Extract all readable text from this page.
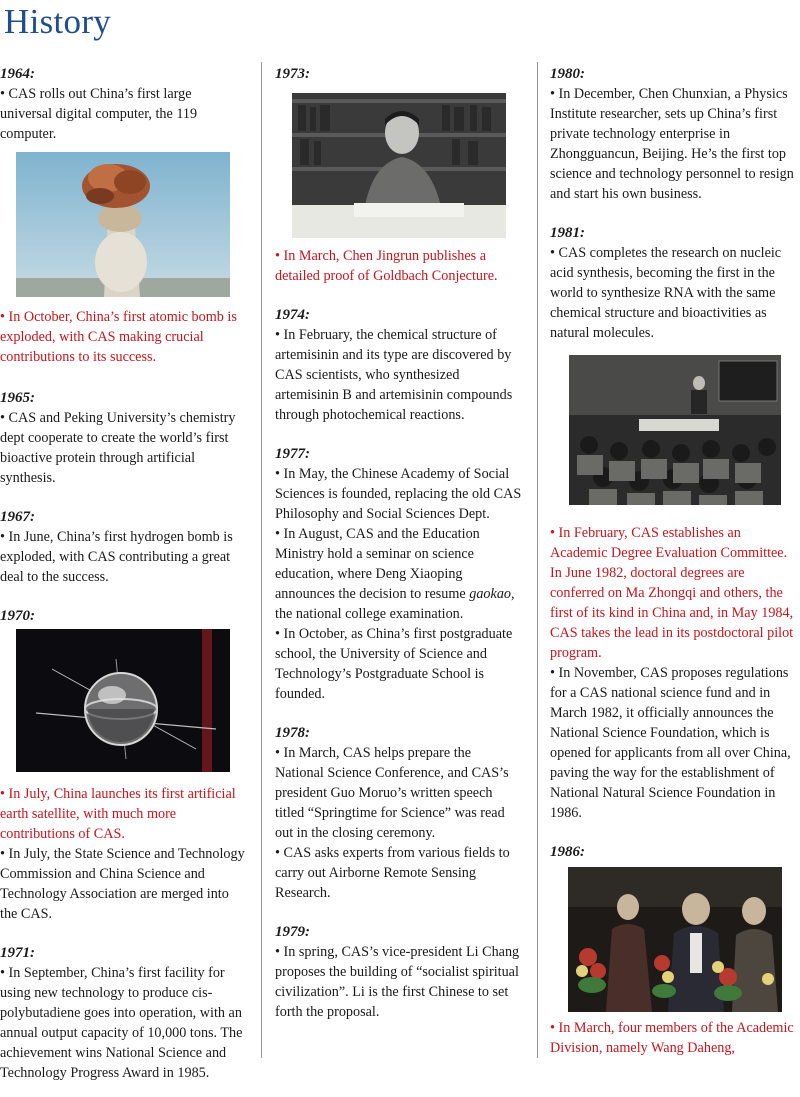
History
1964:

• CAS rolls out China’s first large universal digital computer, the 119 computer.

• In October, China’s first atomic bomb is exploded, with CAS making crucial contributions to its success.

1965:

• CAS and Peking University’s chemistry dept cooperate to create the world’s first bioactive protein through artificial synthesis.

1967:

• In June, China’s first hydrogen bomb is exploded, with CAS contributing a great deal to the success.

1970:

• In July, China launches its first artificial earth satellite, with much more contributions of CAS.

• In July, the State Science and Technology Commission and China Science and Technology Association are merged into the CAS.

1971:

• In September, China’s first facility for using new technology to produce cis-polybutadiene goes into operation, with an annual output capacity of 10,000 tons. The achievement wins National Science and Technology Progress Award in 1985.

1973:

• In March, Chen Jingrun publishes a detailed proof of Goldbach Conjecture.

1974:

• In February, the chemical structure of artemisinin and its type are discovered by CAS scientists, who synthesized artemisinin B and artemisinin compounds through photochemical reactions.

1977:

• In May, the Chinese Academy of Social Sciences is founded, replacing the old CAS Philosophy and Social Sciences Dept.

• In August, CAS and the Education Ministry hold a seminar on science education, where Deng Xiaoping announces the decision to resume gaokao, the national college examination.

• In October, as China’s first postgraduate school, the University of Science and Technology’s Postgraduate School is founded.

1978:

• In March, CAS helps prepare the National Science Conference, and CAS’s president Guo Moruo’s written speech titled “Springtime for Science” was read out in the closing ceremony.

• CAS asks experts from various fields to carry out Airborne Remote Sensing Research.

1979:

• In spring, CAS’s vice-president Li Chang proposes the building of “socialist spiritual civilization”. Li is the first Chinese to set forth the proposal.

1980:

• In December, Chen Chunxian, a Physics Institute researcher, sets up China’s first private technology enterprise in Zhongguancun, Beijing. He’s the first top science and technology personnel to resign and start his own business.

1981:

• CAS completes the research on nucleic acid synthesis, becoming the first in the world to synthesize RNA with the same chemical structure and bioactivities as natural molecules.

• In February, CAS establishes an Academic Degree Evaluation Committee. In June 1982, doctoral degrees are conferred on Ma Zhongqi and others, the first of its kind in China and, in May 1984, CAS takes the lead in its postdoctoral pilot program.

• In November, CAS proposes regulations for a CAS national science fund and in March 1982, it officially announces the National Science Foundation, which is opened for applicants from all over China, paving the way for the establishment of National Natural Science Foundation in 1986.

1986:

• In March, four members of the Academic Division, namely Wang Daheng,
